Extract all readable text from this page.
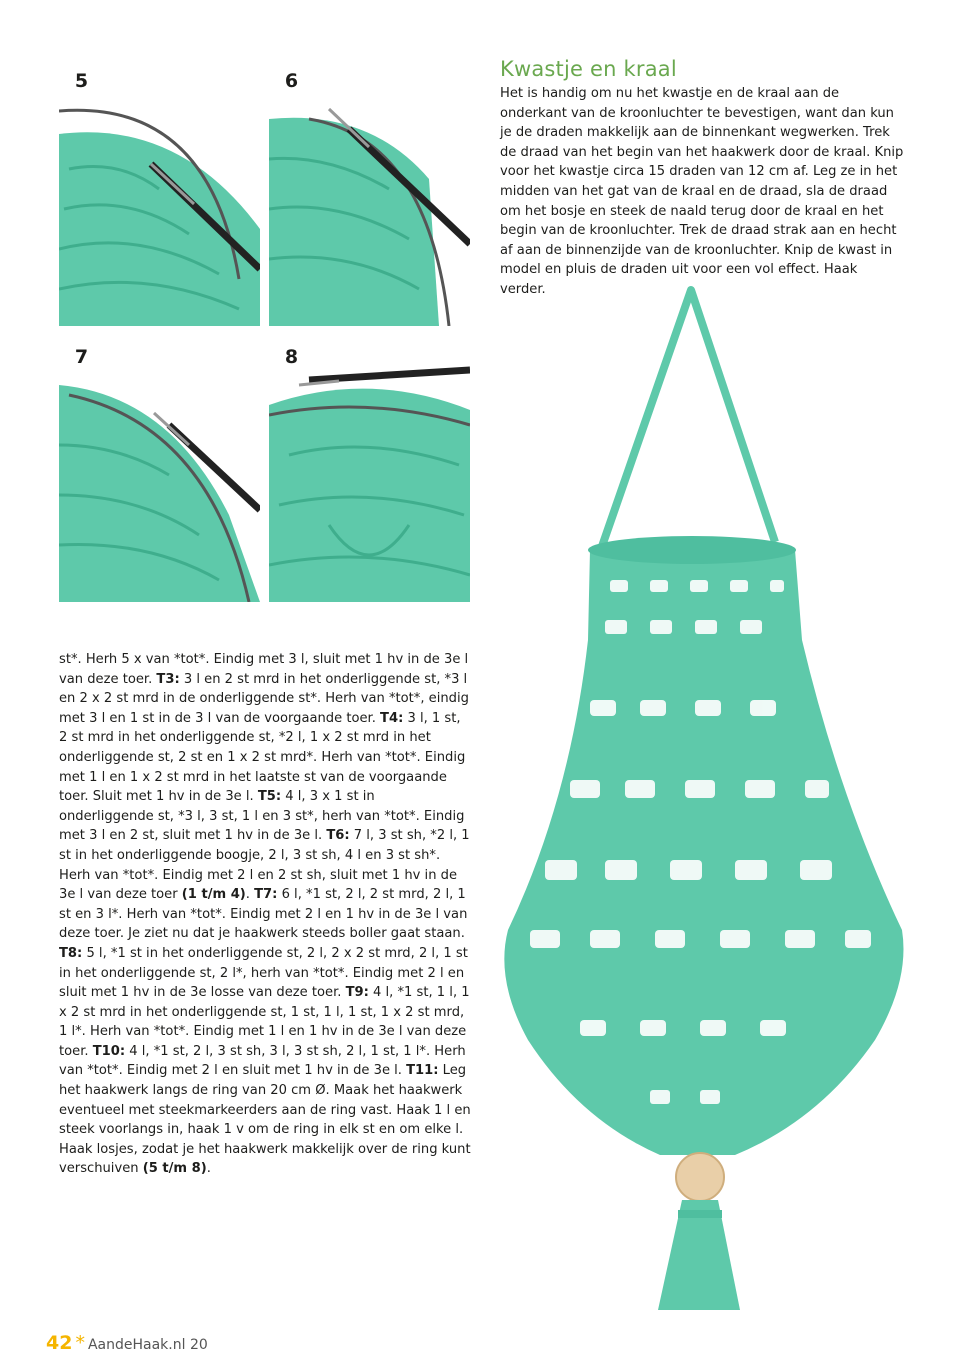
5	6
7	8
Kwastje en kraal

Het is handig om nu het kwastje en de kraal aan de onderkant van de kroonluchter te bevestigen, want dan kun je de draden makkelijk aan de binnenkant wegwerken. Trek de draad van het begin van het haakwerk door de kraal. Knip voor het kwastje circa 15 draden van 12 cm af. Leg ze in het midden van het gat van de kraal en de draad, sla de draad om het bosje en steek de naald terug door de kraal en het begin van de kroonluchter. Trek de draad strak aan en hecht af aan de binnenzijde van de kroonluchter. Knip de kwast in model en pluis de draden uit voor een vol effect. Haak verder.

st*. Herh 5 x van *tot*. Eindig met 3 l, sluit met 1 hv in de 3e l van deze toer. T3: 3 l en 2 st mrd in het onderliggende st, *3 l en 2 x 2 st mrd in de onderliggende st*. Herh van *tot*, eindig met 3 l en 1 st in de 3 l van de voorgaande toer. T4: 3 l, 1 st, 2 st mrd in het onderliggende st, *2 l, 1 x 2 st mrd in het onderliggende st, 2 st en 1 x 2 st mrd*. Herh van *tot*. Eindig met 1 l en 1 x 2 st mrd in het laatste st van de voorgaande toer. Sluit met 1 hv in de 3e l. T5: 4 l, 3 x 1 st in onderliggende st, *3 l, 3 st, 1 l en 3 st*, herh van *tot*. Eindig met 3 l en 2 st, sluit met 1 hv in de 3e l. T6: 7 l, 3 st sh, *2 l, 1 st in het onderliggende boogje, 2 l, 3 st sh, 4 l en 3 st sh*. Herh van *tot*. Eindig met 2 l en 2 st sh, sluit met 1 hv in de 3e l van deze toer (1 t/m 4). T7: 6 l, *1 st, 2 l, 2 st mrd, 2 l, 1 st en 3 l*. Herh van *tot*. Eindig met 2 l en 1 hv in de 3e l van deze toer. Je ziet nu dat je haakwerk steeds boller gaat staan. T8: 5 l, *1 st in het onderliggende st, 2 l, 2 x 2 st mrd, 2 l, 1 st in het onderliggende st, 2 l*, herh van *tot*. Eindig met 2 l en sluit met 1 hv in de 3e losse van deze toer. T9: 4 l, *1 st, 1 l, 1 x 2 st mrd in het onderliggende st, 1 st, 1 l, 1 st, 1 x 2 st mrd, 1 l*. Herh van *tot*. Eindig met 1 l en 1 hv in de 3e l van deze toer. T10: 4 l, *1 st, 2 l, 3 st sh, 3 l, 3 st sh, 2 l, 1 st, 1 l*. Herh van *tot*. Eindig met 2 l en sluit met 1 hv in de 3e l. T11: Leg het haakwerk langs de ring van 20 cm Ø. Maak het haakwerk eventueel met steekmarkeerders aan de ring vast. Haak 1 l en steek voorlangs in, haak 1 v om de ring in elk st en om elke l. Haak losjes, zodat je het haakwerk makkelijk over de ring kunt verschuiven (5 t/m 8).

42 * AandeHaak.nl 20
